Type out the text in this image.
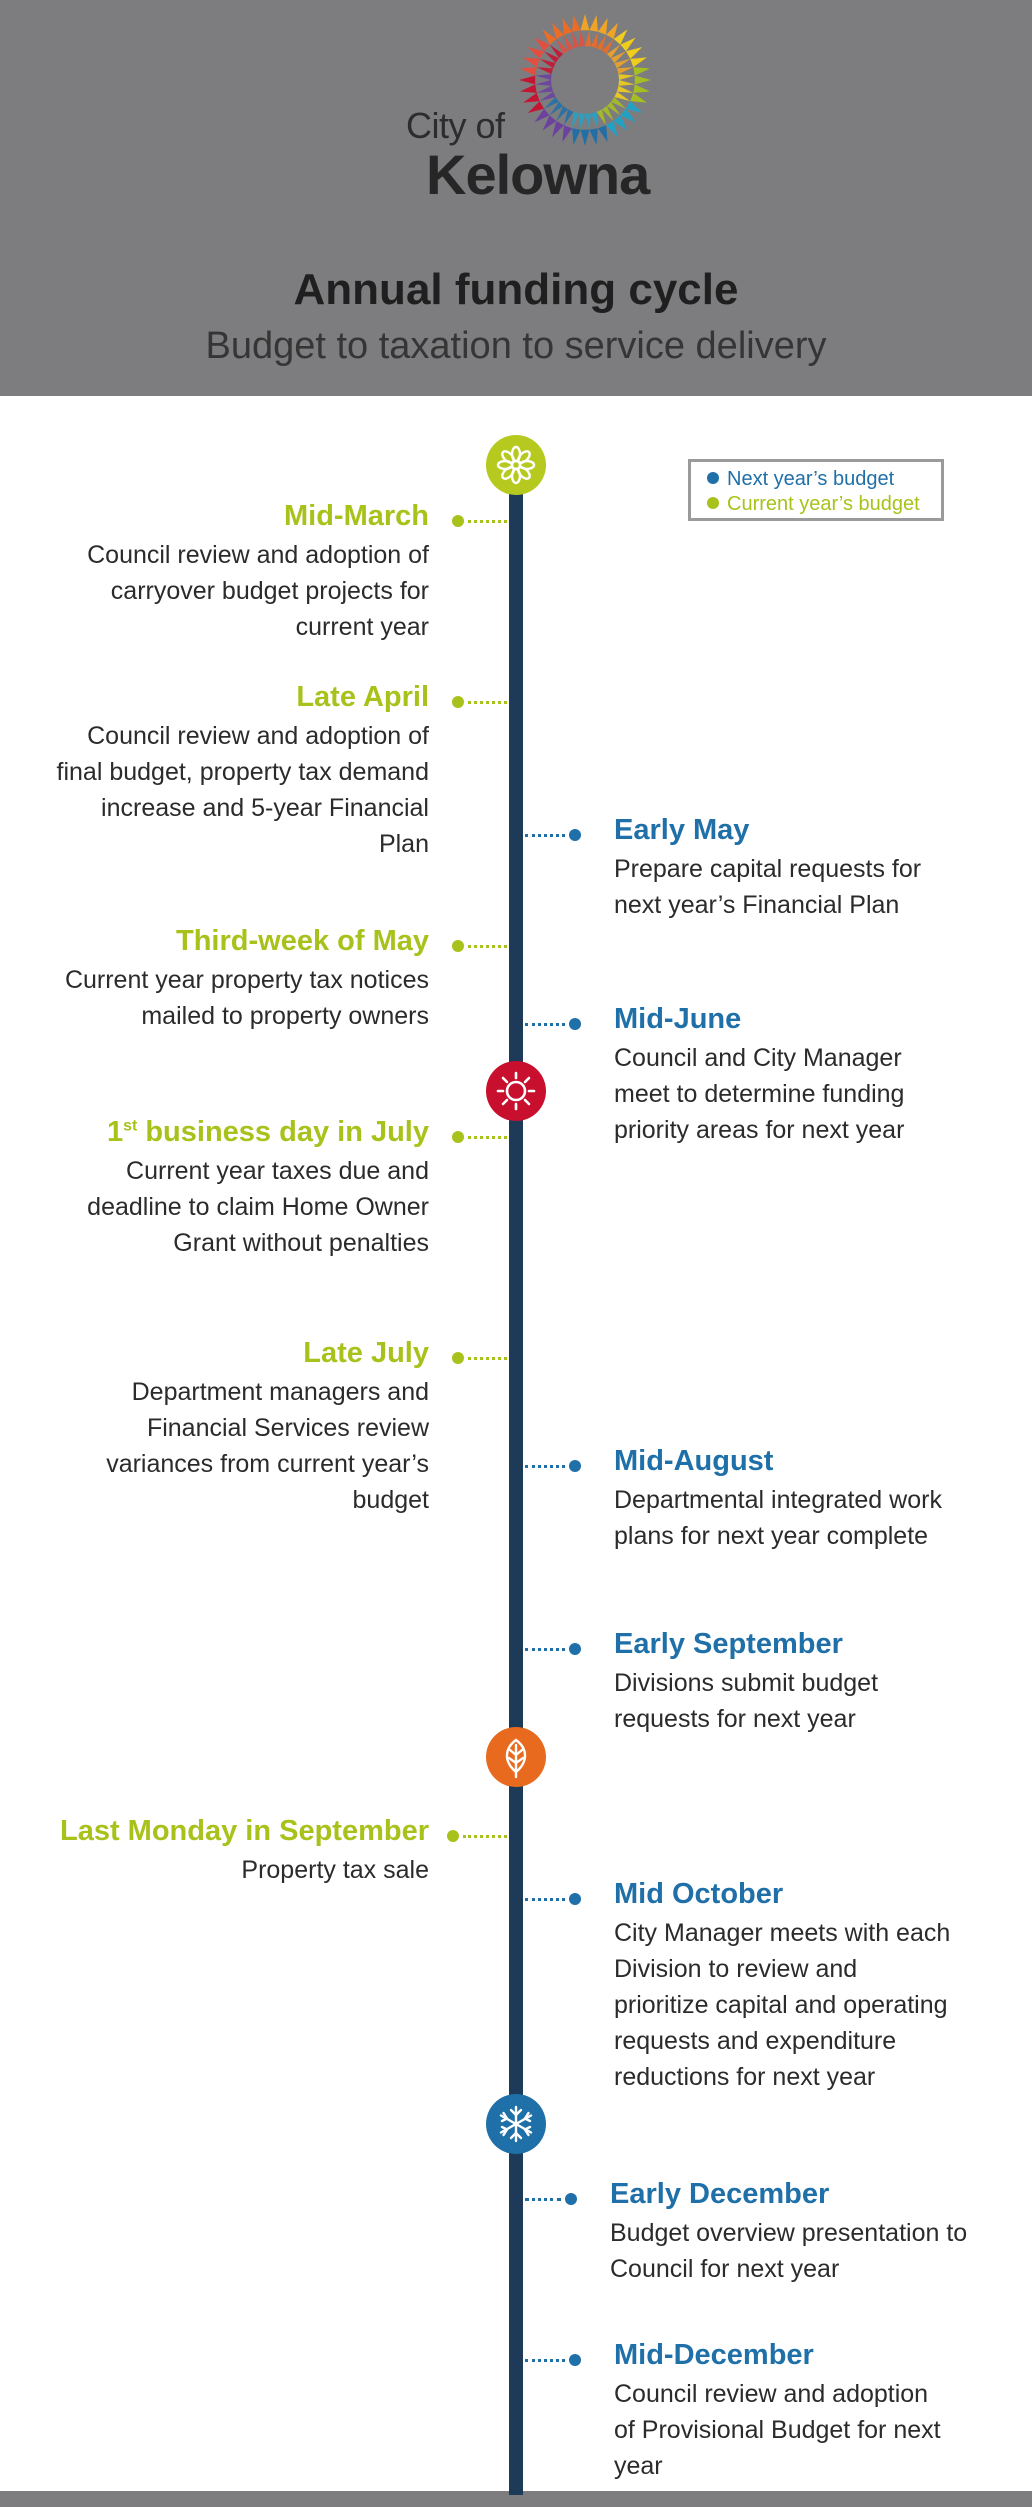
City of
Kelowna
Annual funding cycle
Budget to taxation to service delivery
Next year’s budget
Current year’s budget
Mid-March
Council review and adoption of carryover budget projects for current year
Late April
Council review and adoption of final budget, property tax demand increase and 5-year Financial Plan
Third-week of May
Current year property tax notices mailed to property owners
1st business day in July
Current year taxes due and deadline to claim Home Owner Grant without penalties
Late July
Department managers and Financial Services review variances from current year’s budget
Last Monday in September
Property tax sale
Early May
Prepare capital requests for next year’s Financial Plan
Mid-June
Council and City Manager meet to determine funding priority areas for next year
Mid-August
Departmental integrated work plans for next year complete
Early September
Divisions submit budget requests for next year
Mid October
City Manager meets with each Division to review and prioritize capital and operating requests and expenditure reductions for next year
Early December
Budget overview presentation to Council for next year
Mid-December
Council review and adoption of Provisional Budget for next year
